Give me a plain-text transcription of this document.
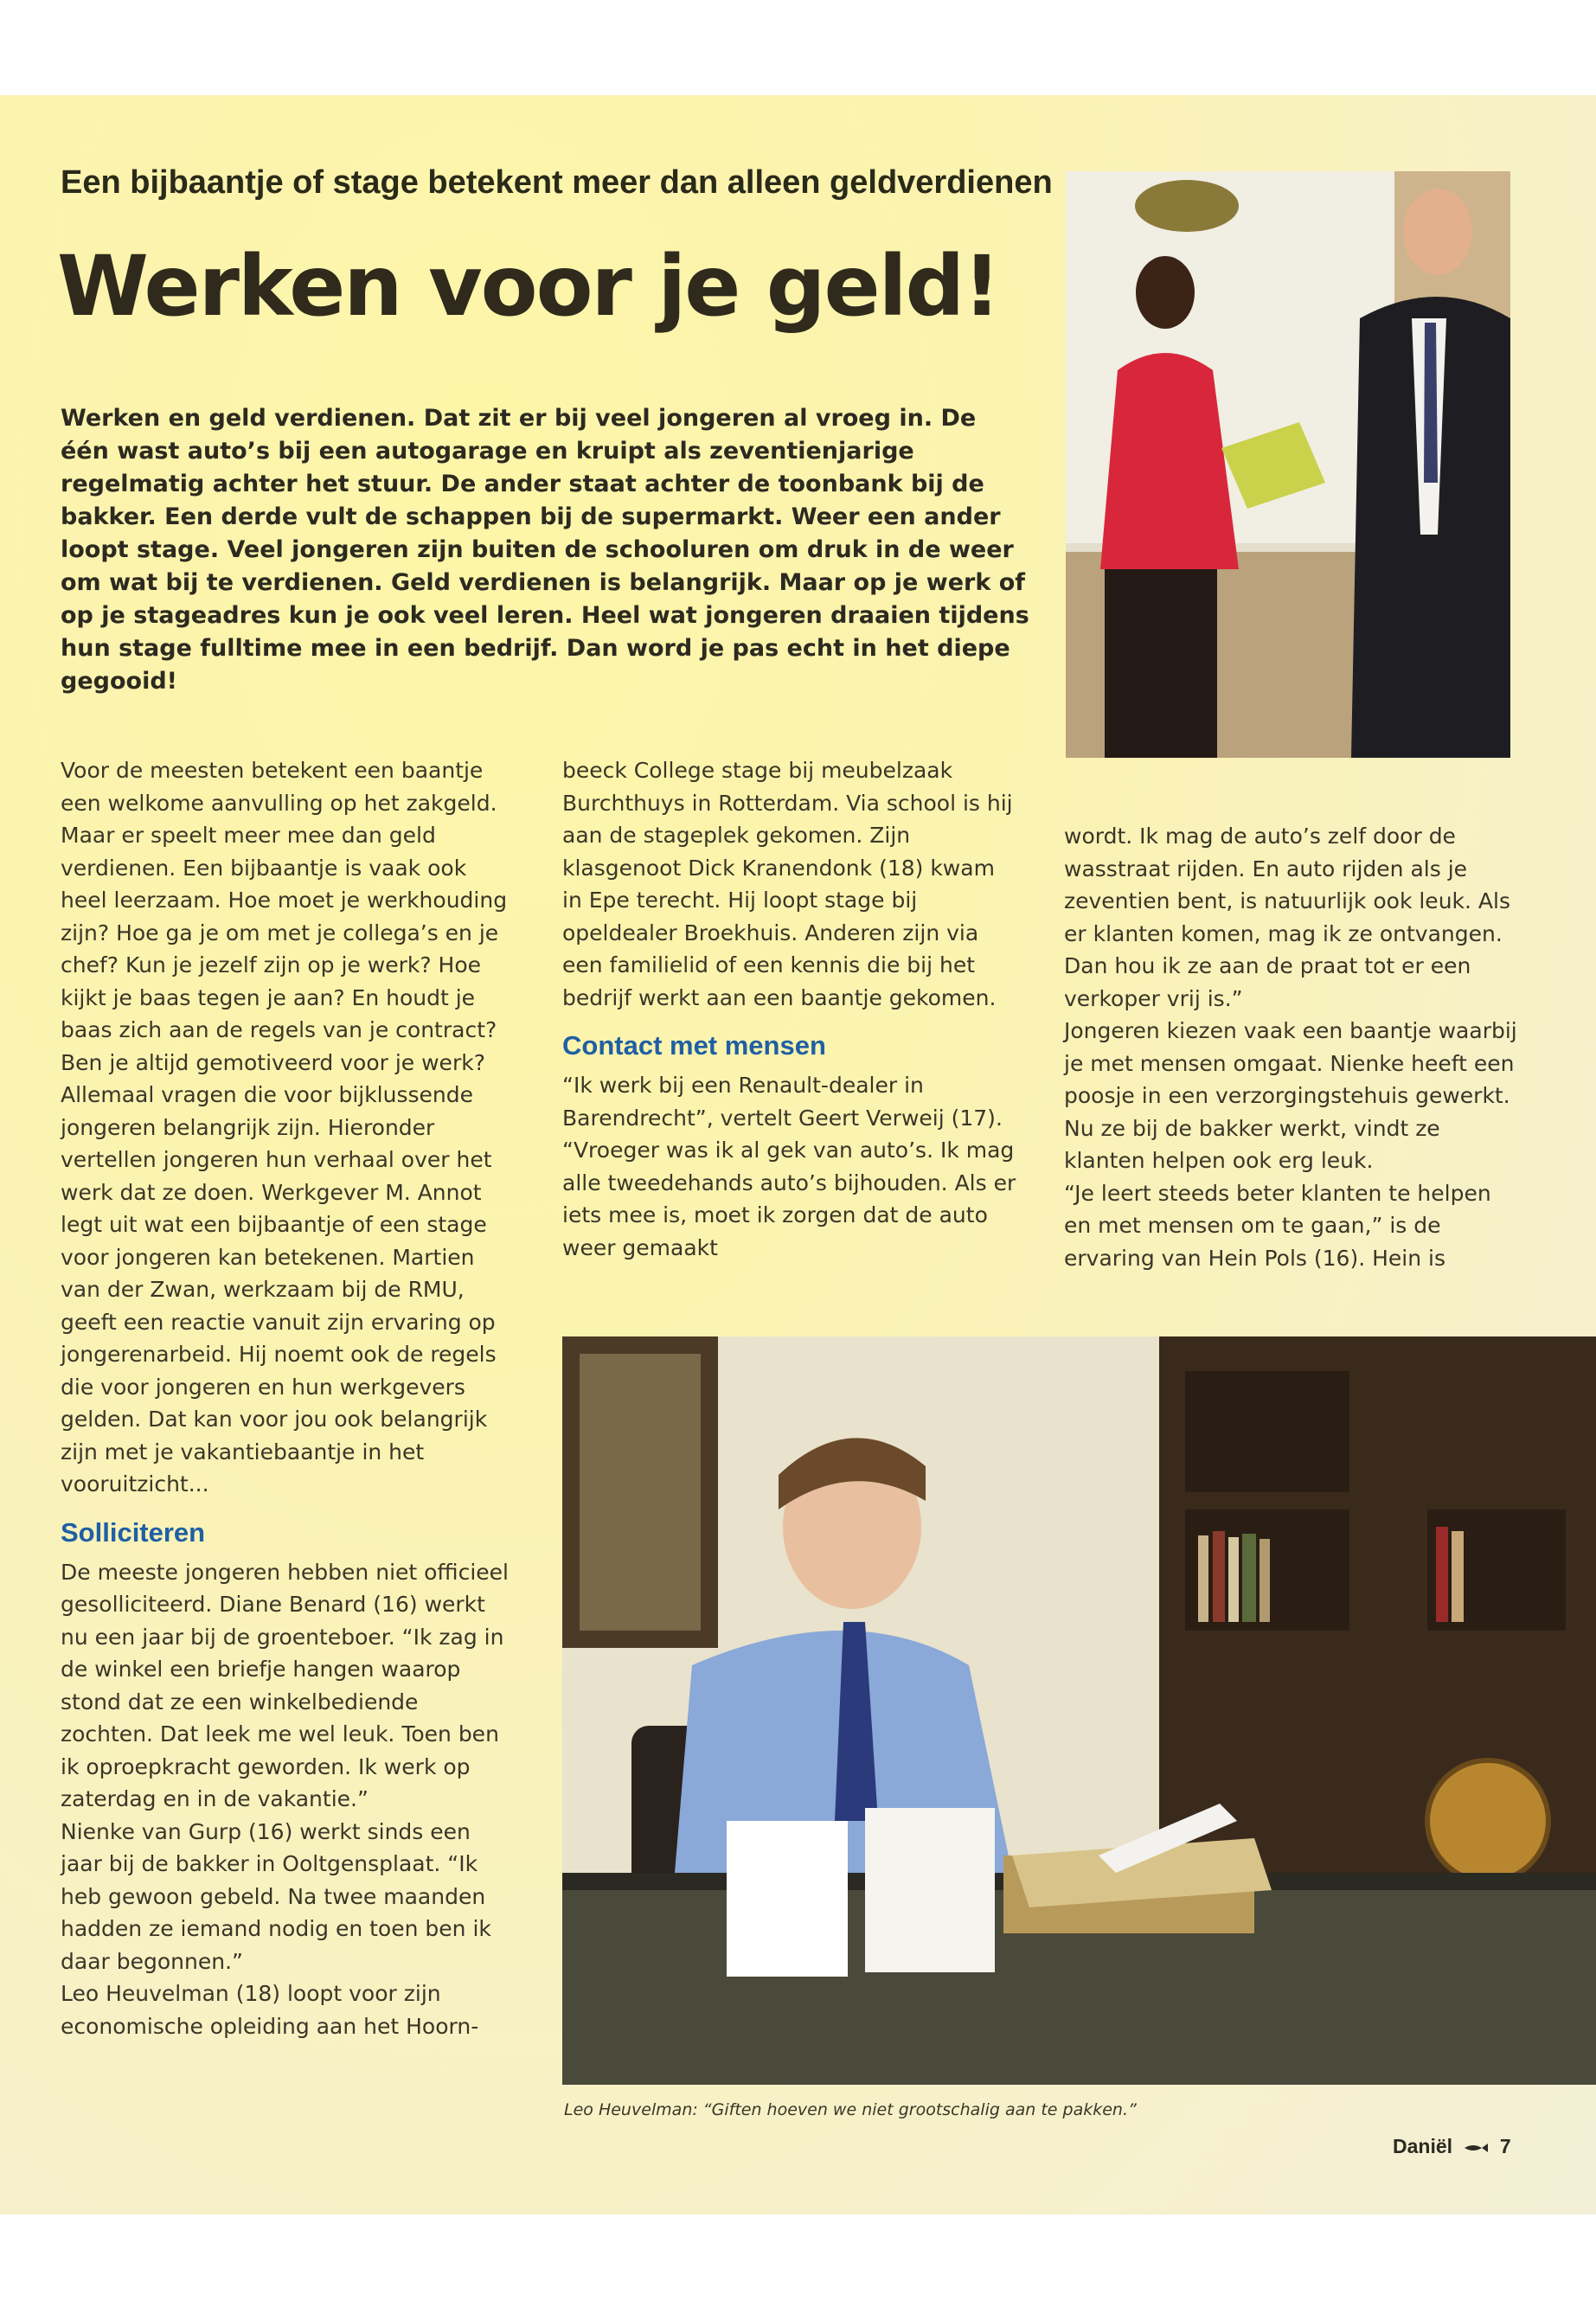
Een bijbaantje of stage betekent meer dan alleen geldverdienen
Werken voor je geld!
Werken en geld verdienen. Dat zit er bij veel jongeren al vroeg in. De één wast auto’s bij een autogarage en kruipt als zeventienjarige regelmatig achter het stuur. De ander staat achter de toonbank bij de bakker. Een derde vult de schappen bij de supermarkt. Weer een ander loopt stage. Veel jongeren zijn buiten de schooluren om druk in de weer om wat bij te verdienen. Geld verdienen is belangrijk. Maar op je werk of op je stageadres kun je ook veel leren. Heel wat jongeren draaien tijdens hun stage fulltime mee in een bedrijf. Dan word je pas echt in het diepe gegooid!

Voor de meesten betekent een baantje een welkome aanvulling op het zakgeld. Maar er speelt meer mee dan geld verdienen. Een bijbaantje is vaak ook heel leerzaam. Hoe moet je werkhouding zijn? Hoe ga je om met je collega’s en je chef? Kun je jezelf zijn op je werk? Hoe kijkt je baas tegen je aan? En houdt je baas zich aan de regels van je contract? Ben je altijd gemotiveerd voor je werk? Allemaal vragen die voor bijklussende jongeren belangrijk zijn. Hieronder vertellen jongeren hun verhaal over het werk dat ze doen. Werkgever M. Annot legt uit wat een bijbaantje of een stage voor jongeren kan betekenen. Martien van der Zwan, werkzaam bij de RMU, geeft een reactie vanuit zijn ervaring op jongerenarbeid. Hij noemt ook de regels die voor jongeren en hun werkgevers gelden. Dat kan voor jou ook belangrijk zijn met je vakantiebaantje in het vooruitzicht...

Solliciteren

De meeste jongeren hebben niet officieel gesolliciteerd. Diane Benard (16) werkt nu een jaar bij de groenteboer. “Ik zag in de winkel een briefje hangen waarop stond dat ze een winkelbediende zochten. Dat leek me wel leuk. Toen ben ik oproepkracht geworden. Ik werk op zaterdag en in de vakantie.”

Nienke van Gurp (16) werkt sinds een jaar bij de bakker in Ooltgensplaat. “Ik heb gewoon gebeld. Na twee maanden hadden ze iemand nodig en toen ben ik daar begonnen.”

Leo Heuvelman (18) loopt voor zijn economische opleiding aan het Hoorn-

beeck College stage bij meubelzaak Burchthuys in Rotterdam. Via school is hij aan de stageplek gekomen. Zijn klasgenoot Dick Kranendonk (18) kwam in Epe terecht. Hij loopt stage bij opeldealer Broekhuis. Anderen zijn via een familielid of een kennis die bij het bedrijf werkt aan een baantje gekomen.

Contact met mensen

“Ik werk bij een Renault-dealer in Barendrecht”, vertelt Geert Verweij (17). “Vroeger was ik al gek van auto’s. Ik mag alle tweedehands auto’s bijhouden. Als er iets mee is, moet ik zorgen dat de auto weer gemaakt

wordt. Ik mag de auto’s zelf door de wasstraat rijden. En auto rijden als je zeventien bent, is natuurlijk ook leuk. Als er klanten komen, mag ik ze ontvangen. Dan hou ik ze aan de praat tot er een verkoper vrij is.”

Jongeren kiezen vaak een baantje waarbij je met mensen omgaat. Nienke heeft een poosje in een verzorgingstehuis gewerkt. Nu ze bij de bakker werkt, vindt ze klanten helpen ook erg leuk.

“Je leert steeds beter klanten te helpen en met mensen om te gaan,” is de ervaring van Hein Pols (16). Hein is

Leo Heuvelman: “Giften hoeven we niet grootschalig aan te pakken.”
Daniël 7
